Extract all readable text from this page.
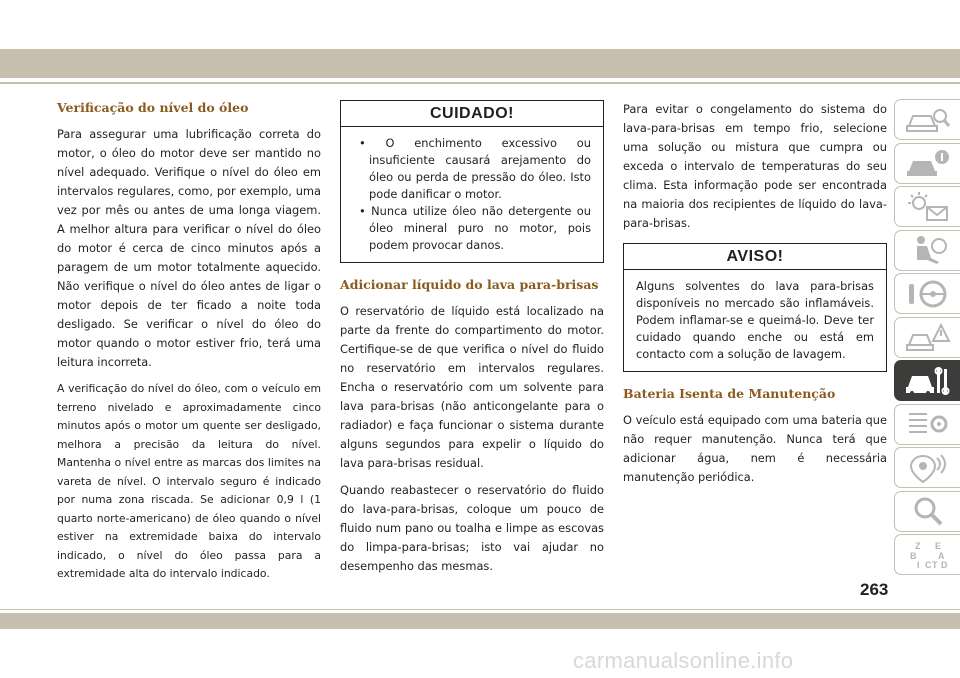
Verificação do nível do óleo

Para assegurar uma lubrificação correta do motor, o óleo do motor deve ser mantido no nível adequado. Verifique o nível do óleo em intervalos regulares, como, por exemplo, uma vez por mês ou antes de uma longa viagem. A melhor altura para verificar o nível do óleo do motor é cerca de cinco minutos após a paragem de um motor totalmente aquecido. Não verifique o nível do óleo antes de ligar o motor depois de ter ficado a noite toda desligado. Se verificar o nível do óleo do motor quando o motor estiver frio, terá uma leitura incorreta.

A verificação do nível do óleo, com o veículo em terreno nivelado e aproximadamente cinco minutos após o motor um quente ser desligado, melhora a precisão da leitura do nível. Mantenha o nível entre as marcas dos limites na vareta de nível. O intervalo seguro é indicado por numa zona riscada. Se adicionar 0,9 l (1 quarto norte-americano) de óleo quando o nível estiver na extremidade baixa do intervalo indicado, o nível do óleo passa para a extremidade alta do intervalo indicado.

CUIDADO!
• O enchimento excessivo ou insuficiente causará arejamento do óleo ou perda de pressão do óleo. Isto pode danificar o motor.
• Nunca utilize óleo não detergente ou óleo mineral puro no motor, pois podem provocar danos.
Adicionar líquido do lava para-brisas

O reservatório de líquido está localizado na parte da frente do compartimento do motor. Certifique-se de que verifica o nível do fluido no reservatório em intervalos regulares. Encha o reservatório com um solvente para lava para-brisas (não anticongelante para o radiador) e faça funcionar o sistema durante alguns segundos para expelir o líquido do lava para-brisas residual.

Quando reabastecer o reservatório do fluido do lava-para-brisas, coloque um pouco de fluido num pano ou toalha e limpe as escovas do limpa-para-brisas; isto vai ajudar no desempenho das mesmas.

Para evitar o congelamento do sistema do lava-para-brisas em tempo frio, selecione uma solução ou mistura que cumpra ou exceda o intervalo de temperaturas do seu clima. Esta informação pode ser encontrada na maioria dos recipientes de líquido do lava-para-brisas.

AVISO!
Alguns solventes do lava para-brisas disponíveis no mercado são inflamáveis. Podem inflamar-se e queimá-lo. Deve ter cuidado quando enche ou está em contacto com a solução de lavagem.
Bateria Isenta de Manutenção

O veículo está equipado com uma bateria que não requer manutenção. Nunca terá que adicionar água, nem é necessária manutenção periódica.

Z E
B A
I C T D
263
carmanualsonline.info
